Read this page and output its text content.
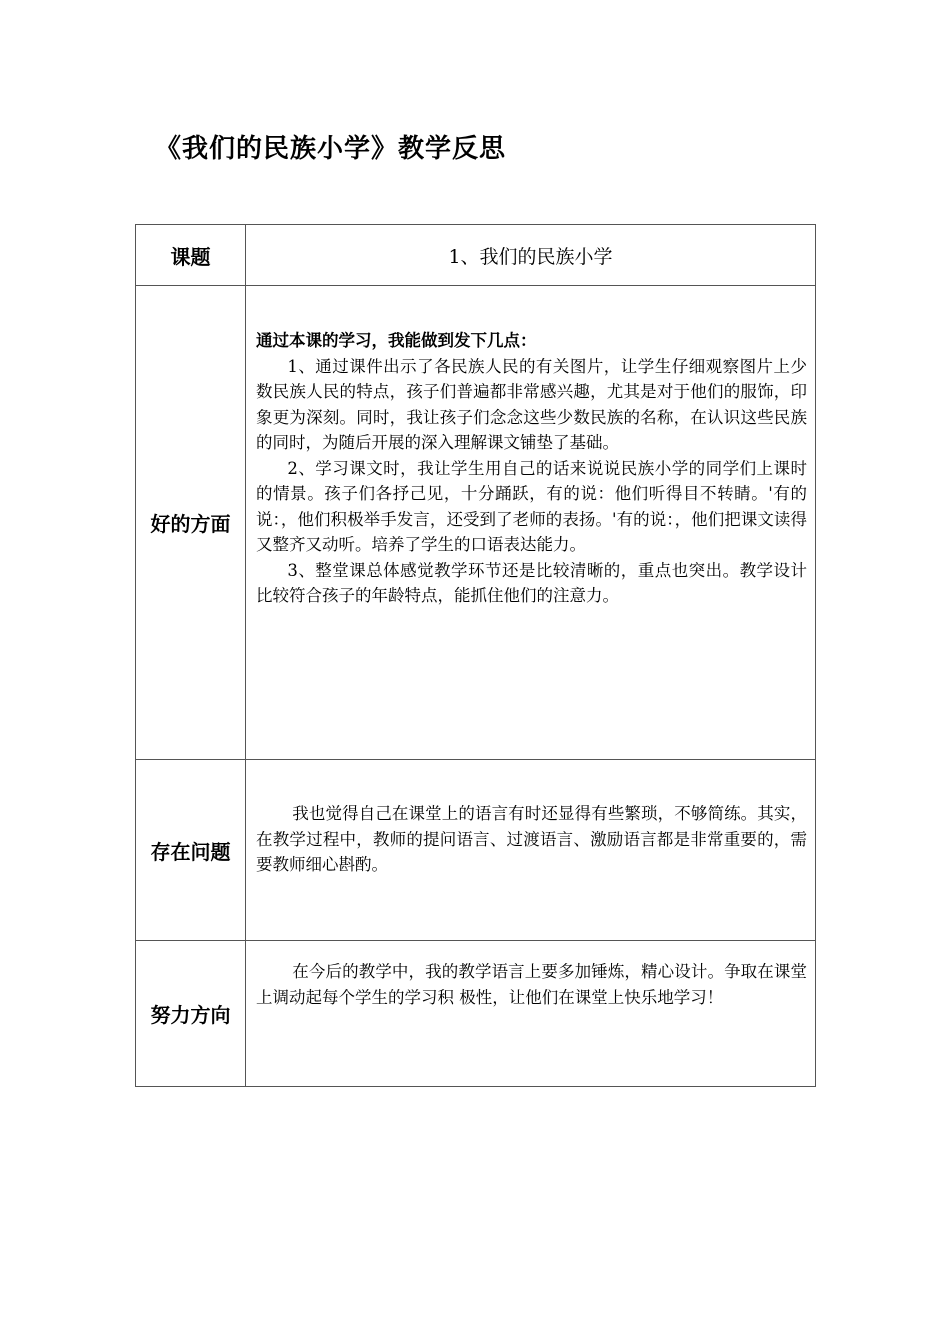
《我们的民族小学》教学反思
课题	1、我们的民族小学
好的方面	通过本课的学习，我能做到发下几点：

1、通过课件出示了各民族人民的有关图片，让学生仔细观察图片上少数民族人民的特点，孩子们普遍都非常感兴趣，尤其是对于他们的服饰，印象更为深刻。同时，我让孩子们念念这些少数民族的名称，在认识这些民族的同时，为随后开展的深入理解课文铺垫了基础。

2、学习课文时，我让学生用自己的话来说说民族小学的同学们上课时的情景。孩子们各抒己见，十分踊跃，有的说：他们听得目不转睛。'有的说：，他们积极举手发言，还受到了老师的表扬。'有的说：，他们把课文读得又整齐又动听。培养了学生的口语表达能力。

3、整堂课总体感觉教学环节还是比较清晰的，重点也突出。教学设计比较符合孩子的年龄特点，能抓住他们的注意力。

存在问题	我也觉得自己在课堂上的语言有时还显得有些繁琐，不够简练。其实，在教学过程中，教师的提问语言、过渡语言、激励语言都是非常重要的，需要教师细心斟酌。

努力方向	在今后的教学中，我的教学语言上要多加锤炼，精心设计。争取在课堂上调动起每个学生的学习积 极性，让他们在课堂上快乐地学习！
